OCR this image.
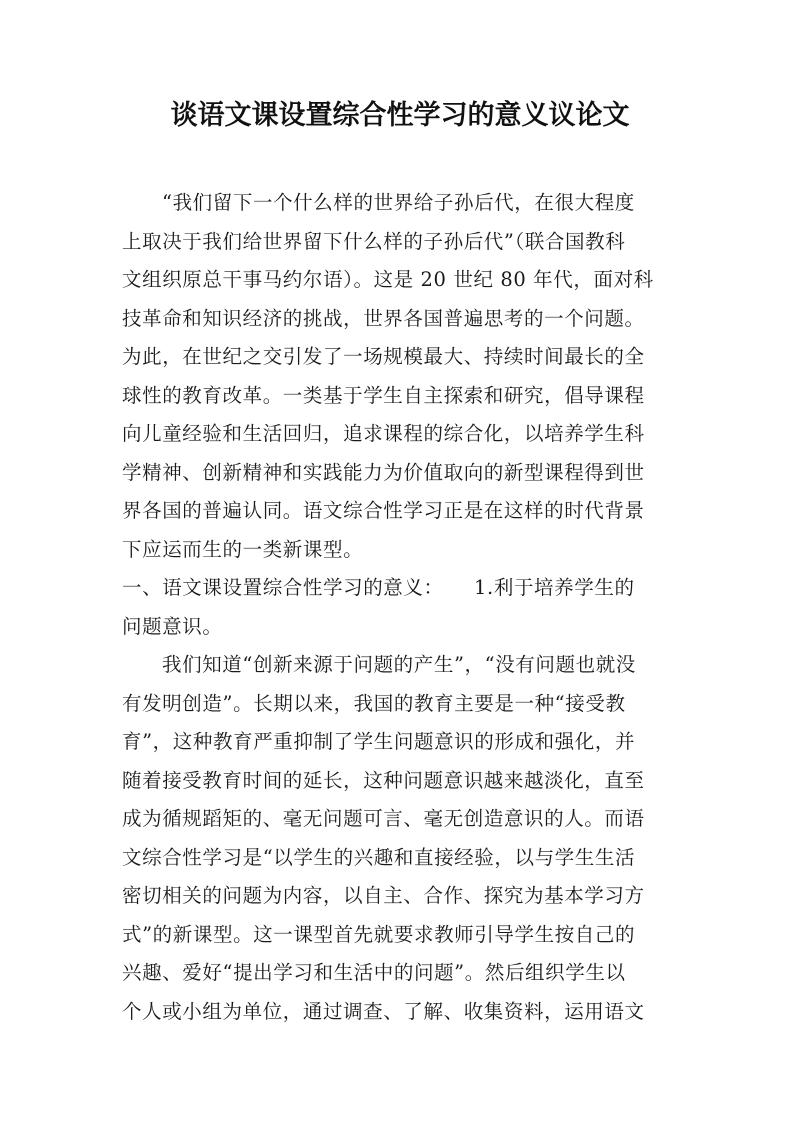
谈语文课设置综合性学习的意义议论文
“我们留下一个什么样的世界给子孙后代，在很大程度
上取决于我们给世界留下什么样的子孙后代”（联合国教科
文组织原总干事马约尔语）。这是 20 世纪 80 年代，面对科
技革命和知识经济的挑战，世界各国普遍思考的一个问题。
为此，在世纪之交引发了一场规模最大、持续时间最长的全
球性的教育改革。一类基于学生自主探索和研究，倡导课程
向儿童经验和生活回归，追求课程的综合化，以培养学生科
学精神、创新精神和实践能力为价值取向的新型课程得到世
界各国的普遍认同。语文综合性学习正是在这样的时代背景
下应运而生的一类新课型。
一、语文课设置综合性学习的意义：　　1.利于培养学生的
问题意识。
我们知道“创新来源于问题的产生”，“没有问题也就没
有发明创造”。长期以来，我国的教育主要是一种“接受教
育”，这种教育严重抑制了学生问题意识的形成和强化，并
随着接受教育时间的延长，这种问题意识越来越淡化，直至
成为循规蹈矩的、毫无问题可言、毫无创造意识的人。而语
文综合性学习是“以学生的兴趣和直接经验，以与学生生活
密切相关的问题为内容，以自主、合作、探究为基本学习方
式”的新课型。这一课型首先就要求教师引导学生按自己的
兴趣、爱好“提出学习和生活中的问题”。然后组织学生以
个人或小组为单位，通过调查、了解、收集资料，运用语文
